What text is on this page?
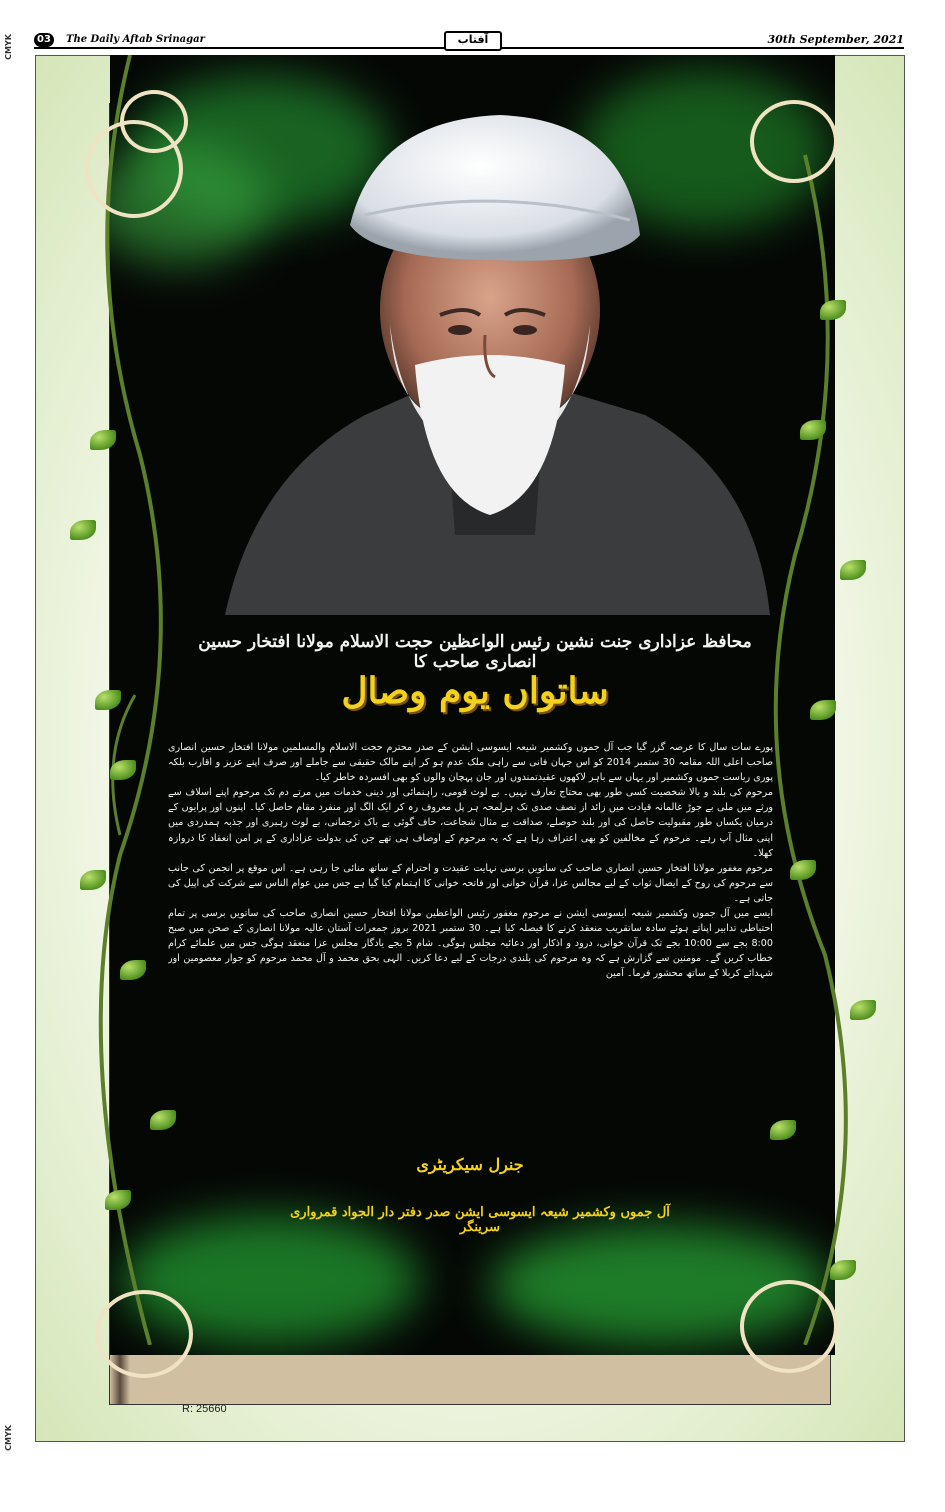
CMYK
CMYK
03	The Daily Aftab Srinagar	آفتاب	30th September, 2021
محافظ عزاداری جنت نشین رئیس الواعظین حجت الاسلام مولانا افتخار حسین انصاری صاحب کا
ساتواں یوم وصال

پورے سات سال کا عرصہ گزر گیا جب آل جموں وکشمیر شیعہ ایسوسی ایشن کے صدر محترم حجت الاسلام والمسلمین مولانا افتخار حسین انصاری صاحب اعلی اللہ مقامہ 30 ستمبر 2014 کو اس جہان فانی سے راہی ملک عدم ہو کر اپنے مالک حقیقی سے جاملے اور صرف اپنے عزیز و اقارب بلکہ پوری ریاست جموں وکشمیر اور یہاں سے باہر لاکھوں عقیدتمندوں اور جان پہچان والوں کو بھی افسردہ خاطر کیا۔

مرحوم کی بلند و بالا شخصیت کسی طور بھی محتاج تعارف نہیں۔ بے لوث قومی، راہنمائی اور دینی خدمات میں مرتے دم تک مرحوم اپنے اسلاف سے ورثے میں ملی بے جوڑ عالمانہ قیادت میں زائد از نصف صدی تک ہرلمحہ ہر پل معروف رہ کر ایک الگ اور منفرد مقام حاصل کیا۔ اپنوں اور پرایوں کے درمیان یکساں طور مقبولیت حاصل کی اور بلند حوصلے، صداقت بے مثال شجاعت، حاف گوئی بے باک ترجمانی، بے لوث رہبری اور جذبہ ہمدردی میں اپنی مثال آپ رہے۔ مرحوم کے مخالفین کو بھی اعتراف رہا ہے کہ یہ مرحوم کے اوصاف ہی تھے جن کی بدولت عزاداری کے پر امن انعقاد کا دروازہ کھلا۔

مرحوم مغفور مولانا افتخار حسین انصاری صاحب کی ساتویں برسی نہایت عقیدت و احترام کے ساتھ منائی جا رہی ہے۔ اس موقع پر انجمن کی جانب سے مرحوم کی روح کے ایصال ثواب کے لیے مجالس عزا، قرآن خوانی اور فاتحہ خوانی کا اہتمام کیا گیا ہے جس میں عوام الناس سے شرکت کی اپیل کی جاتی ہے۔

ایسے میں آل جموں وکشمیر شیعہ ایسوسی ایشن نے مرحوم مغفور رئیس الواعظین مولانا افتخار حسین انصاری صاحب کی ساتویں برسی پر تمام احتیاطی تدابیر اپناتے ہوئے سادہ ساتقریب منعقد کرنے کا فیصلہ کیا ہے۔ 30 ستمبر 2021 بروز جمعرات آستان عالیہ مولانا انصاری کے صحن میں صبح 8:00 بجے سے 10:00 بجے تک قرآن خوانی، درود و اذکار اور دعائیہ مجلس ہوگی۔ شام 5 بجے یادگار مجلس عزا منعقد ہوگی جس میں علمائے کرام خطاب کریں گے۔ مومنین سے گزارش ہے کہ وہ مرحوم کی بلندی درجات کے لیے دعا کریں۔ الہی بحق محمد و آل محمد مرحوم کو جوار معصومین اور شہدائے کربلا کے ساتھ محشور فرما۔ آمین

جنرل سیکریٹری
آل جموں وکشمیر شیعہ ایسوسی ایشن صدر دفتر دار الجواد قمرواری سرینگر
R: 25660
